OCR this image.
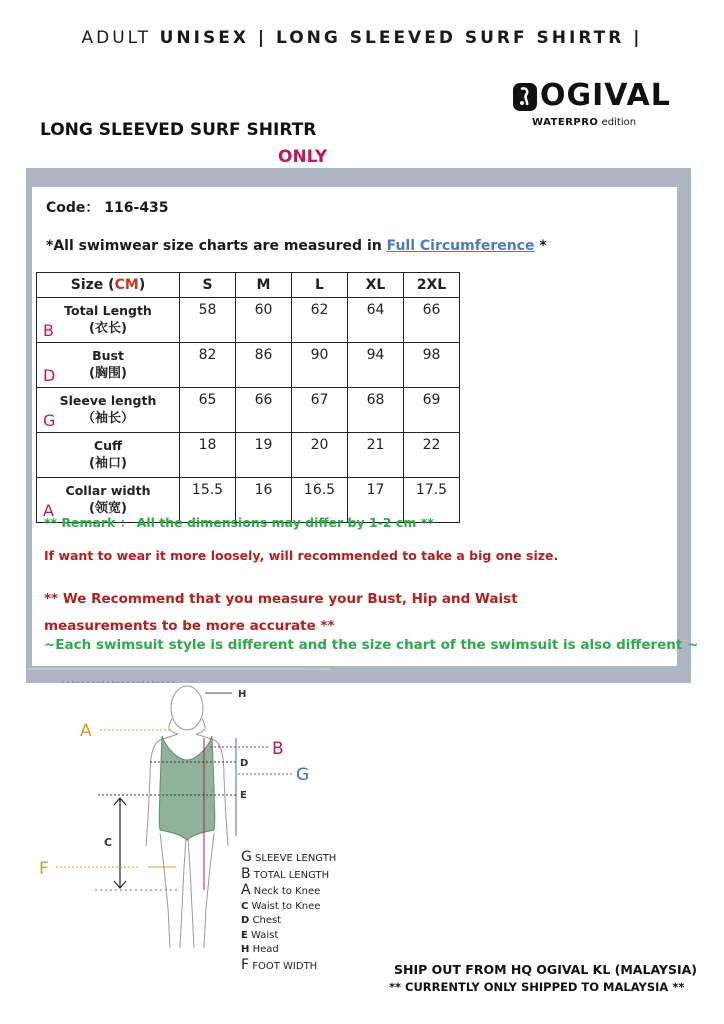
ADULT UNISEX | LONG SLEEVED SURF SHIRTR |
OGIVAL
WATERPRO edition
LONG SLEEVED SURF SHIRTR
ONLY
Code： 116-435
*All swimwear size charts are measured in Full Circumference *
Size (CM)	S	M	L	XL	2XL

B
Total Length
(衣长)	58	60	62	64	66

D
Bust
(胸围)	82	86	90	94	98

G
Sleeve length
（袖长）	65	66	67	68	69

Cuff
(袖口)	18	19	20	21	22

A
Collar width
(领宽)	15.5	16	16.5	17	17.5
** Remark ： All the dimensions may differ by 1-2 cm **
If want to wear it more loosely, will recommended to take a big one size.
** We Recommend that you measure your Bust, Hip and Waist
measurements to be more accurate **
~Each swimsuit style is different and the size chart of the swimsuit is also different ~
H
A
B
D
G
E
C
F
G SLEEVE LENGTH
B TOTAL LENGTH
A Neck to Knee
C Waist to Knee
D Chest
E Waist
H Head
F FOOT WIDTH	SHIP OUT FROM HQ OGIVAL KL (MALAYSIA)
** CURRENTLY ONLY SHIPPED TO MALAYSIA **
